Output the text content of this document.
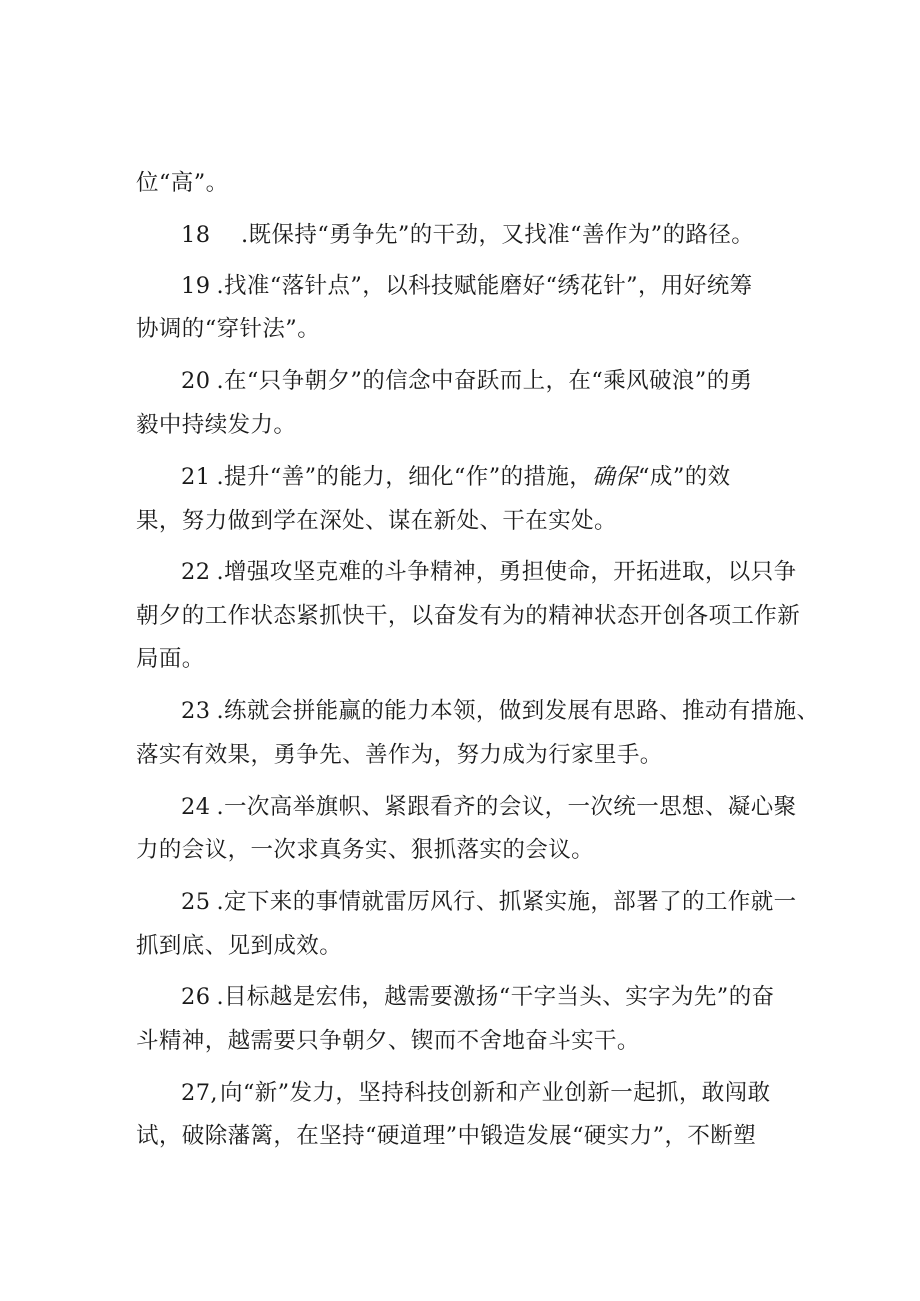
位“高”。
18 .既保持“勇争先”的干劲，又找准“善作为”的路径。
19 .找准“落针点”，以科技赋能磨好“绣花针”，用好统筹
协调的“穿针法”。
20 .在“只争朝夕”的信念中奋跃而上，在“乘风破浪”的勇
毅中持续发力。
21 .提升“善”的能力，细化“作”的措施，确保“成”的效
果，努力做到学在深处、谋在新处、干在实处。
22 .增强攻坚克难的斗争精神，勇担使命，开拓进取，以只争
朝夕的工作状态紧抓快干，以奋发有为的精神状态开创各项工作新
局面。
23 .练就会拼能赢的能力本领，做到发展有思路、推动有措施、
落实有效果，勇争先、善作为，努力成为行家里手。
24 .一次高举旗帜、紧跟看齐的会议，一次统一思想、凝心聚
力的会议，一次求真务实、狠抓落实的会议。
25 .定下来的事情就雷厉风行、抓紧实施，部署了的工作就一
抓到底、见到成效。
26 .目标越是宏伟，越需要激扬“干字当头、实字为先”的奋
斗精神，越需要只争朝夕、锲而不舍地奋斗实干。
27,向“新”发力，坚持科技创新和产业创新一起抓，敢闯敢
试，破除藩篱，在坚持“硬道理”中锻造发展“硬实力”，不断塑
